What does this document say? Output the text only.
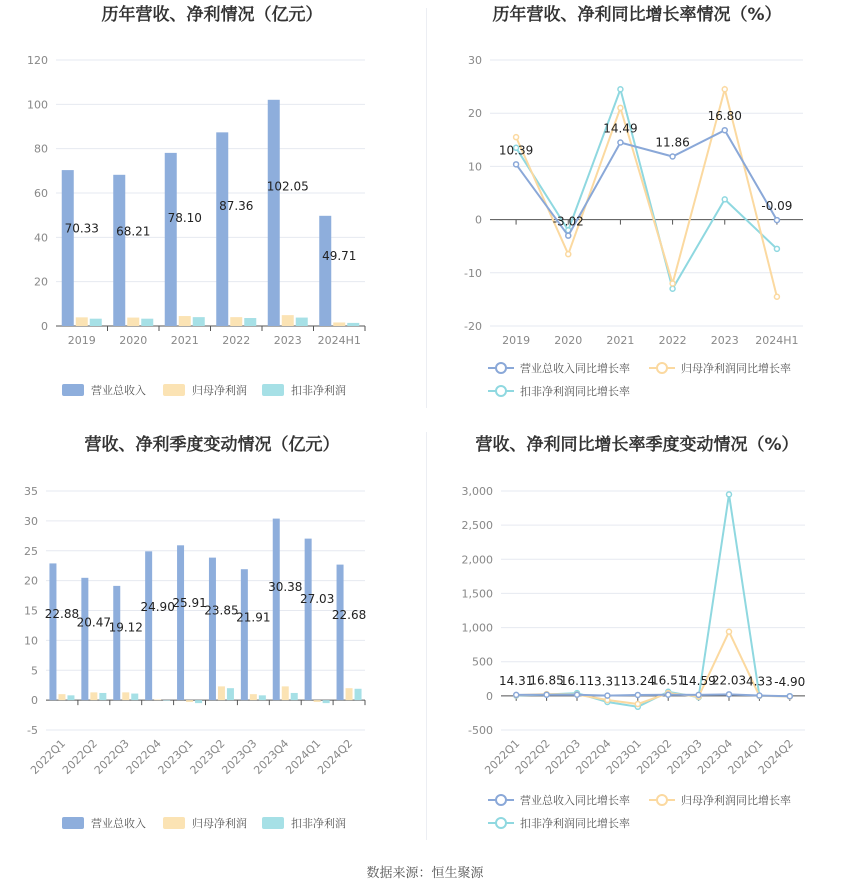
历年营收、净利情况（亿元）
0
20
40
60
80
100
120
2019
70.33
2020
68.21
2021
78.10
2022
87.36
2023
102.05
2024H1
49.71
营业总收入	归母净利润	扣非净利润
历年营收、净利同比增长率情况（%）
-20
-10
0
10
20
30
2019 2020 2021 2022 2023 2024H1
10.39
-3.02
14.49
11.86
16.80
-0.09
营业总收入同比增长率	归母净利润同比增长率
扣非净利润同比增长率
营收、净利季度变动情况（亿元）
-5
0
5
10
15
20
25
30
35
2022Q1
22.88
2022Q2
20.47
2022Q3
19.12
2022Q4
24.90
2023Q1
25.91
2023Q2
23.85
2023Q3
21.91
2023Q4
30.38
2024Q1
27.03
2024Q2
22.68
营业总收入	归母净利润	扣非净利润
营收、净利同比增长率季度变动情况（%）
-500
0
500
1,000
1,500
2,000
2,500
3,000
2022Q1
2022Q2
2022Q3
2022Q4
2023Q1
2023Q2
2023Q3
2023Q4
2024Q1
2024Q2
14.31
16.85
16.11 3.31 13.24
16.51
14.59
22.03 4.33 -4.90
营业总收入同比增长率	归母净利润同比增长率
扣非净利润同比增长率
数据来源：恒生聚源
